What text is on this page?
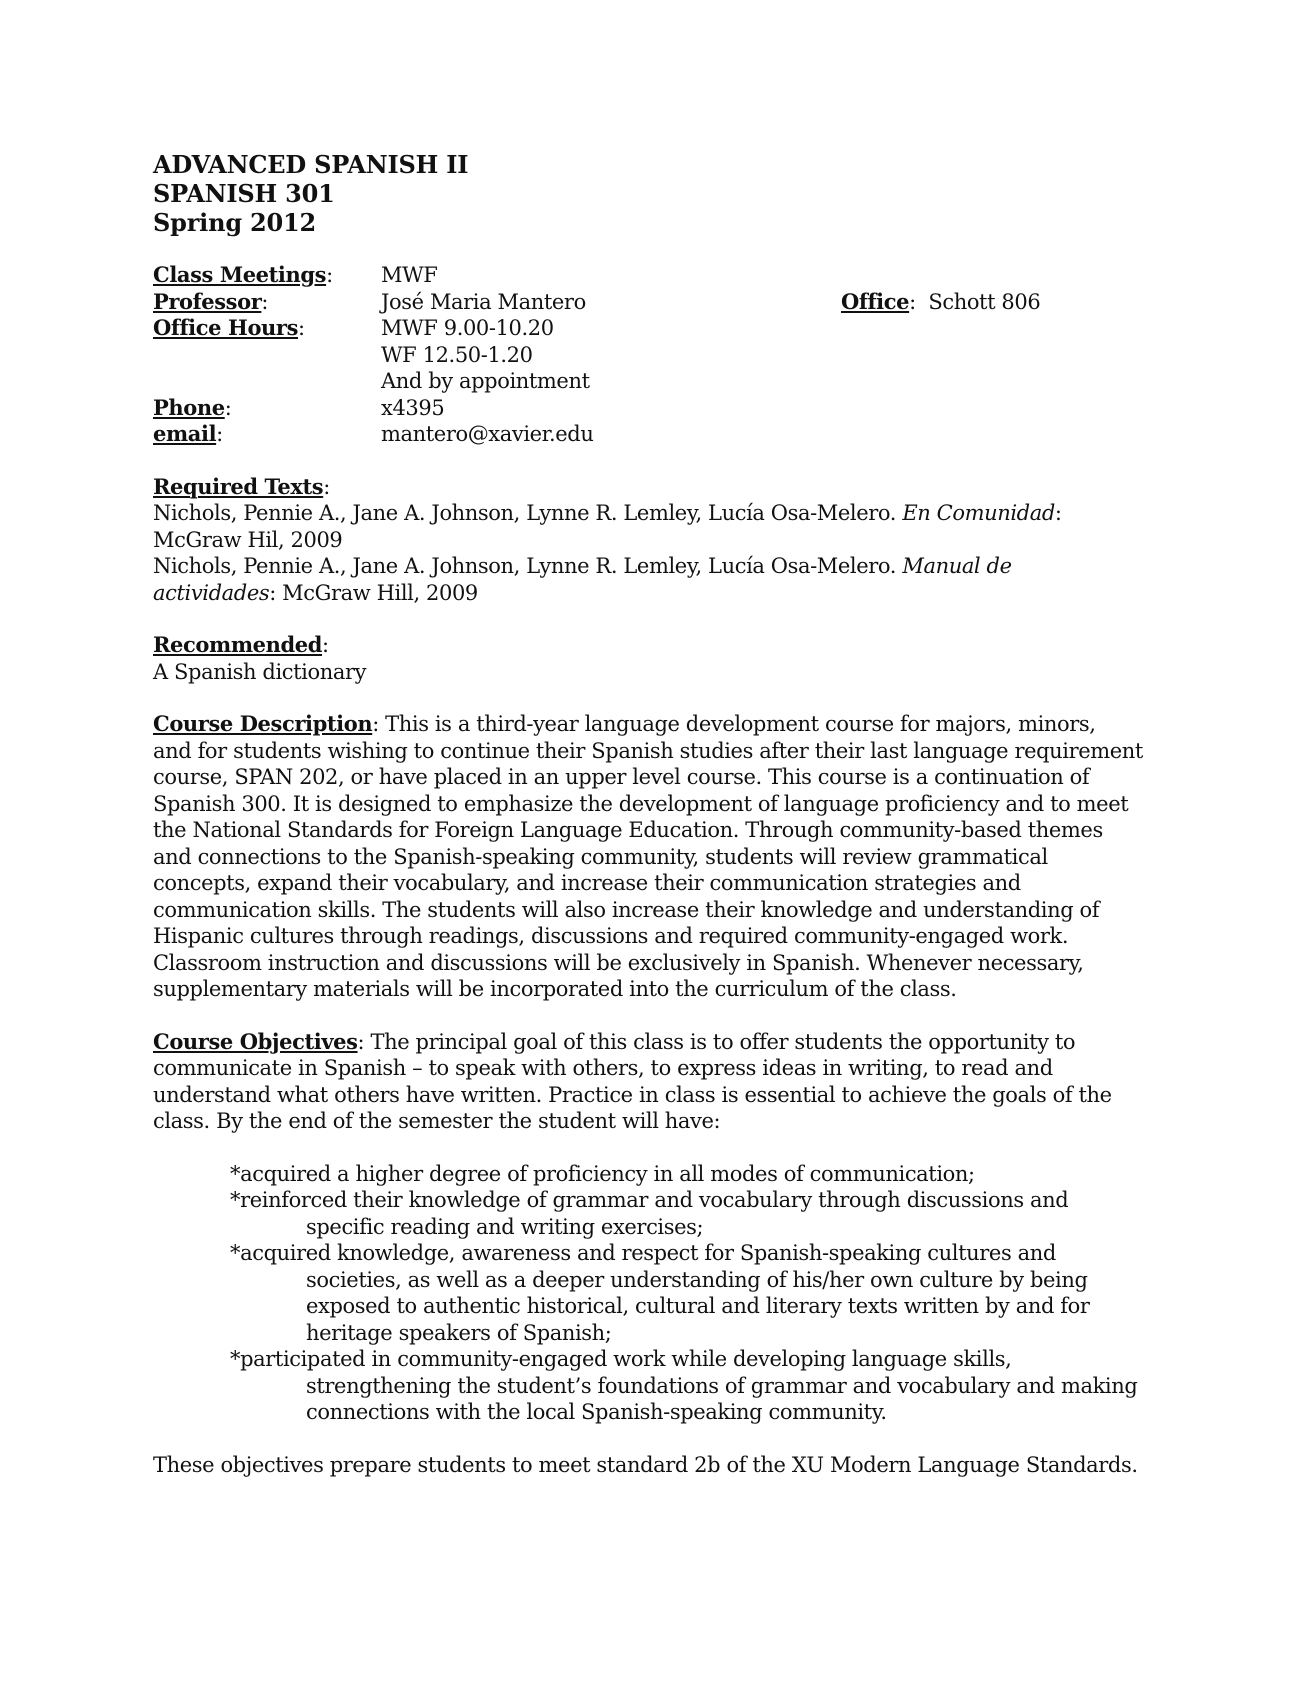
ADVANCED SPANISH II
SPANISH 301
Spring 2012
Class Meetings:	MWF
Professor:	José Maria Mantero	Office: Schott 806
Office Hours:	MWF 9.00-10.20
WF 12.50-1.20
And by appointment
Phone:	x4395
email:	mantero@xavier.edu
Required Texts:
Nichols, Pennie A., Jane A. Johnson, Lynne R. Lemley, Lucía Osa-Melero. En Comunidad:
McGraw Hil, 2009
Nichols, Pennie A., Jane A. Johnson, Lynne R. Lemley, Lucía Osa-Melero. Manual de
actividades: McGraw Hill, 2009
Recommended:
A Spanish dictionary
Course Description: This is a third-year language development course for majors, minors,
and for students wishing to continue their Spanish studies after their last language requirement
course, SPAN 202, or have placed in an upper level course. This course is a continuation of
Spanish 300. It is designed to emphasize the development of language proficiency and to meet
the National Standards for Foreign Language Education. Through community-based themes
and connections to the Spanish-speaking community, students will review grammatical
concepts, expand their vocabulary, and increase their communication strategies and
communication skills. The students will also increase their knowledge and understanding of
Hispanic cultures through readings, discussions and required community-engaged work.
Classroom instruction and discussions will be exclusively in Spanish. Whenever necessary,
supplementary materials will be incorporated into the curriculum of the class.
Course Objectives: The principal goal of this class is to offer students the opportunity to
communicate in Spanish – to speak with others, to express ideas in writing, to read and
understand what others have written. Practice in class is essential to achieve the goals of the
class. By the end of the semester the student will have:
*acquired a higher degree of proficiency in all modes of communication;
*reinforced their knowledge of grammar and vocabulary through discussions and
specific reading and writing exercises;
*acquired knowledge, awareness and respect for Spanish-speaking cultures and
societies, as well as a deeper understanding of his/her own culture by being
exposed to authentic historical, cultural and literary texts written by and for
heritage speakers of Spanish;
*participated in community-engaged work while developing language skills,
strengthening the student’s foundations of grammar and vocabulary and making
connections with the local Spanish-speaking community.
These objectives prepare students to meet standard 2b of the XU Modern Language Standards.
